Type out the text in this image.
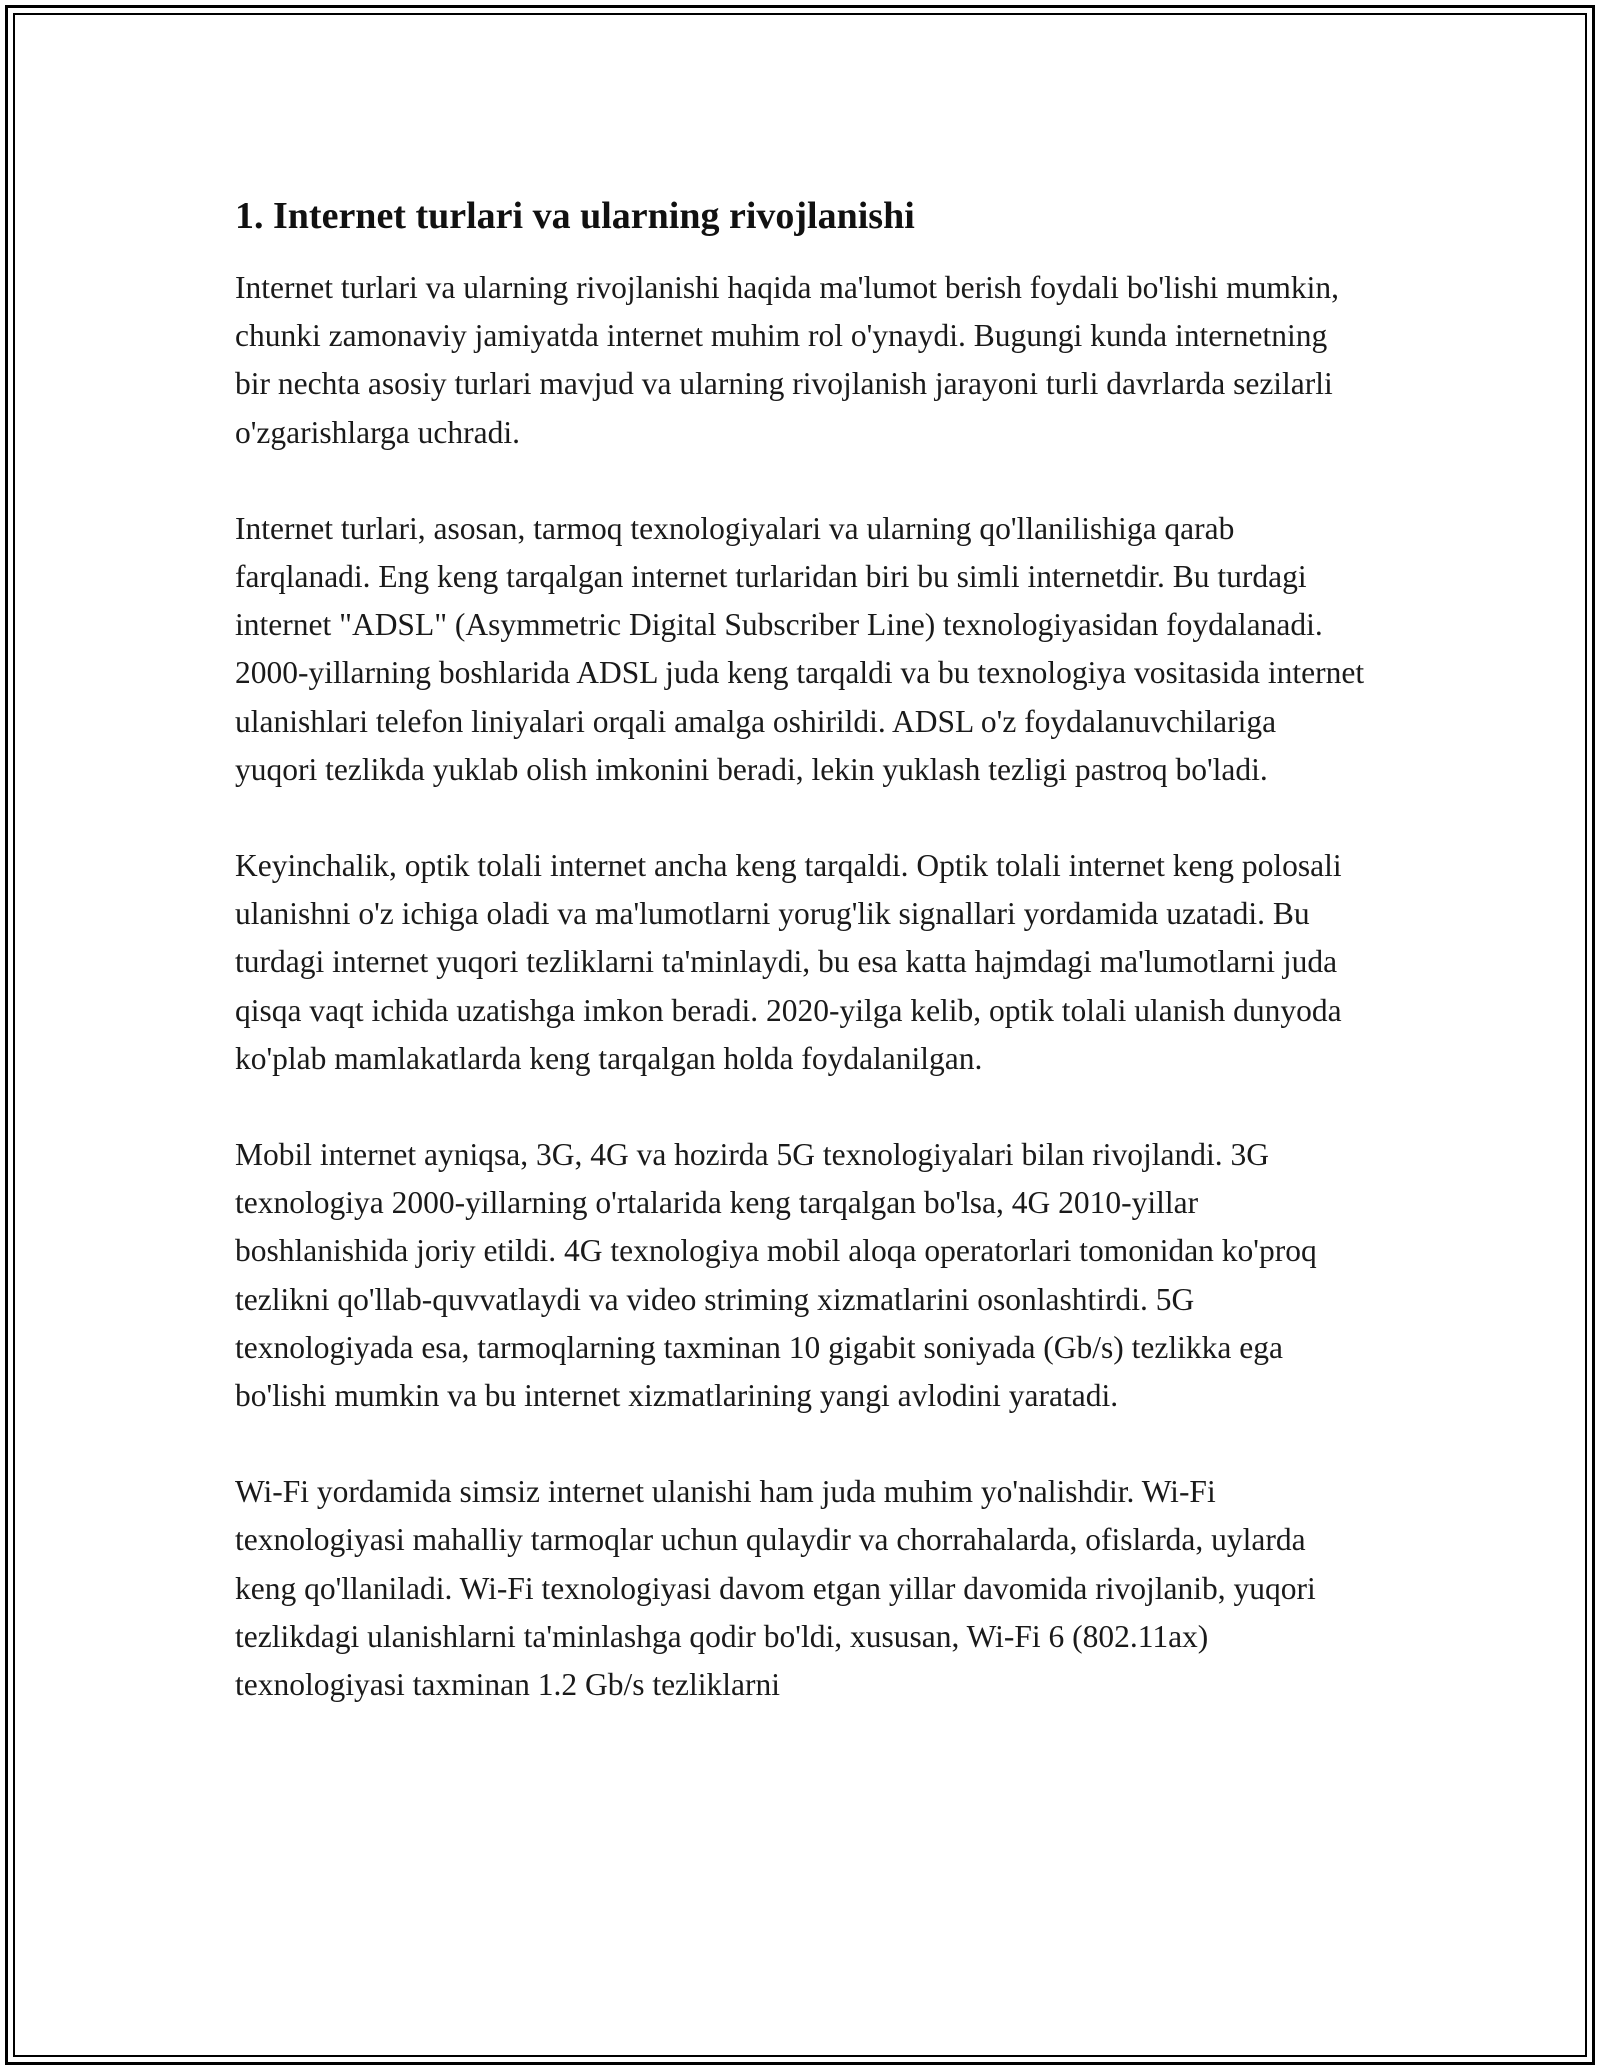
1. Internet turlari va ularning rivojlanishi

Internet turlari va ularning rivojlanishi haqida ma'lumot berish foydali bo'lishi mumkin, chunki zamonaviy jamiyatda internet muhim rol o'ynaydi. Bugungi kunda internetning bir nechta asosiy turlari mavjud va ularning rivojlanish jarayoni turli davrlarda sezilarli o'zgarishlarga uchradi.

Internet turlari, asosan, tarmoq texnologiyalari va ularning qo'llanilishiga qarab farqlanadi. Eng keng tarqalgan internet turlaridan biri bu simli internetdir. Bu turdagi internet "ADSL" (Asymmetric Digital Subscriber Line) texnologiyasidan foydalanadi. 2000-yillarning boshlarida ADSL juda keng tarqaldi va bu texnologiya vositasida internet ulanishlari telefon liniyalari orqali amalga oshirildi. ADSL o'z foydalanuvchilariga yuqori tezlikda yuklab olish imkonini beradi, lekin yuklash tezligi pastroq bo'ladi.

Keyinchalik, optik tolali internet ancha keng tarqaldi. Optik tolali internet keng polosali ulanishni o'z ichiga oladi va ma'lumotlarni yorug'lik signallari yordamida uzatadi. Bu turdagi internet yuqori tezliklarni ta'minlaydi, bu esa katta hajmdagi ma'lumotlarni juda qisqa vaqt ichida uzatishga imkon beradi. 2020-yilga kelib, optik tolali ulanish dunyoda ko'plab mamlakatlarda keng tarqalgan holda foydalanilgan.

Mobil internet ayniqsa, 3G, 4G va hozirda 5G texnologiyalari bilan rivojlandi. 3G texnologiya 2000-yillarning o'rtalarida keng tarqalgan bo'lsa, 4G 2010-yillar boshlanishida joriy etildi. 4G texnologiya mobil aloqa operatorlari tomonidan ko'proq tezlikni qo'llab-quvvatlaydi va video striming xizmatlarini osonlashtirdi. 5G texnologiyada esa, tarmoqlarning taxminan 10 gigabit soniyada (Gb/s) tezlikka ega bo'lishi mumkin va bu internet xizmatlarining yangi avlodini yaratadi.

Wi-Fi yordamida simsiz internet ulanishi ham juda muhim yo'nalishdir. Wi-Fi texnologiyasi mahalliy tarmoqlar uchun qulaydir va chorrahalarda, ofislarda, uylarda keng qo'llaniladi. Wi-Fi texnologiyasi davom etgan yillar davomida rivojlanib, yuqori tezlikdagi ulanishlarni ta'minlashga qodir bo'ldi, xususan, Wi-Fi 6 (802.11ax) texnologiyasi taxminan 1.2 Gb/s tezliklarni
